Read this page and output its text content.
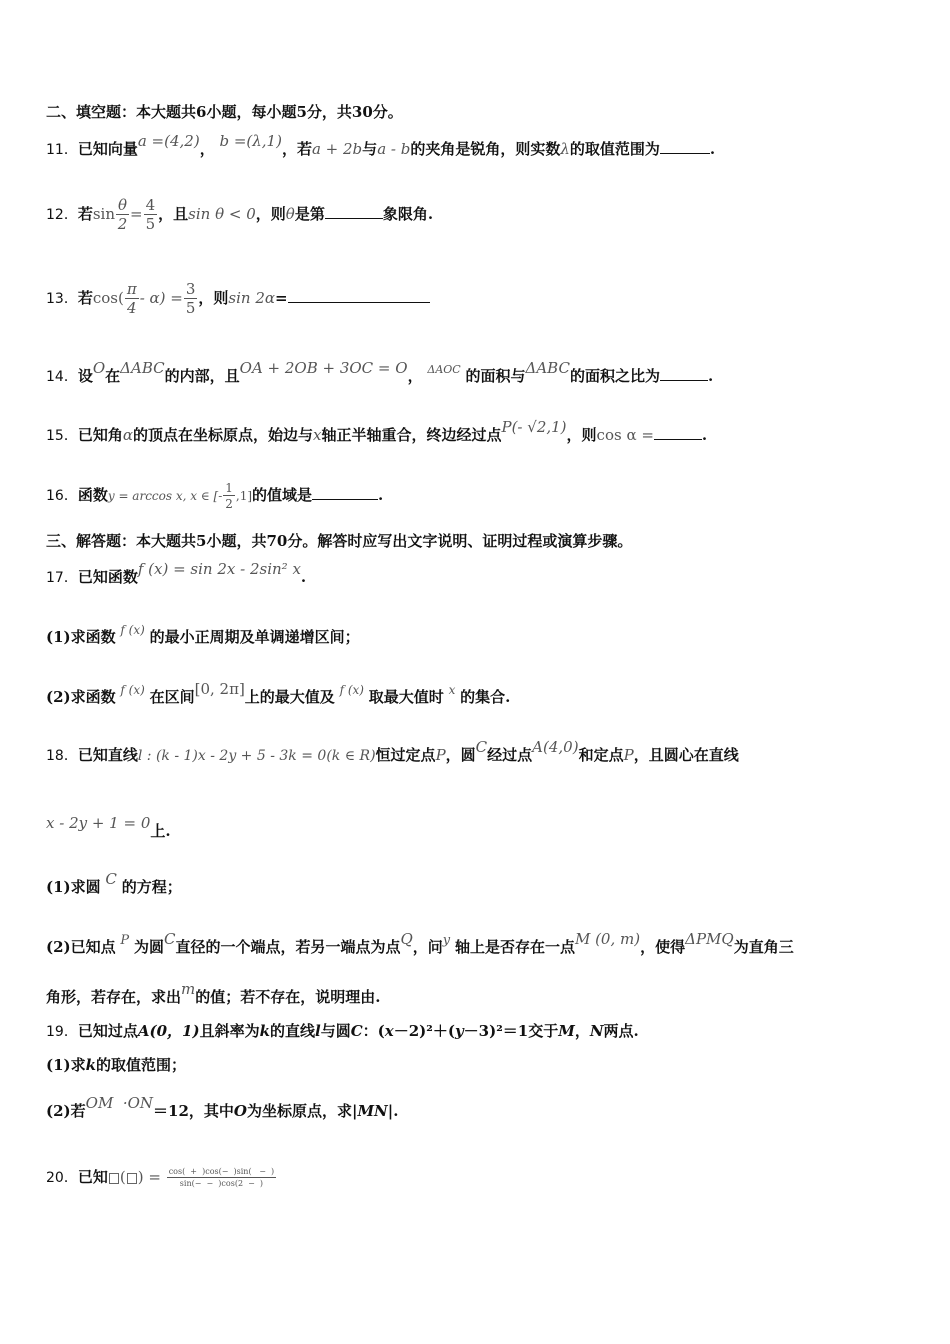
二、填空题：本大题共6小题，每小题5分，共30分。
11．已知向量a =(4,2)， b =(λ,1)，若a + 2b与a - b的夹角是锐角，则实数λ的取值范围为	.
12．若$\sin \frac{\theta}{2} = \frac{4}{5}$ ，且sin θ < 0，则θ是第	象限角.
13．若$\cos( \frac{\pi}{4} - \alpha) = \frac{3}{5}$ ，则sin 2α=
14．设O在ΔABC的内部，且OA + 2OB + 3OC = O， $^{\Delta AOC}$ 的面积与ΔABC的面积之比为	.
15．已知角α的顶点在坐标原点，始边与x轴正半轴重合，终边经过点P(- √2,1)，则cos α =	.
16．函数y = arccos x, x ∈ [- $\frac{1}{2} ,1$]的值域是	.
三、解答题：本大题共5小题，共70分。解答时应写出文字说明、证明过程或演算步骤。
17．已知函数f (x) = sin 2x - 2sin² x.
(1)求函数 $^{f (x)}$ 的最小正周期及单调递增区间；
(2)求函数 $^{f (x)}$ 在区间[0, 2π]上的最大值及 $^{f (x)}$ 取最大值时 $^x$ 的集合.
18．已知直线l : (k - 1)x - 2y + 5 - 3k = 0(k ∈ R)恒过定点P，圆C经过点A(4,0)和定点P，且圆心在直线
x - 2y + 1 = 0上.
(1)求圆 C 的方程；
(2)已知点 P 为圆C直径的一个端点，若另一端点为点Q，问y 轴上是否存在一点M (0, m)，使得ΔPMQ为直角三
角形，若存在，求出m的值；若不存在，说明理由.
19．已知过点A(0，1)且斜率为k的直线l与圆C：(x－2)²＋(y－3)²＝1交于M，N两点.
(1)求k的取值范围；
(2)若OM  ·ON＝12，其中O为坐标原点，求|MN|.
20．已知 ( ) = $\frac{\cos( + )\cos(- )\sin( - )}{\sin(- - )\cos(2 - )}$
